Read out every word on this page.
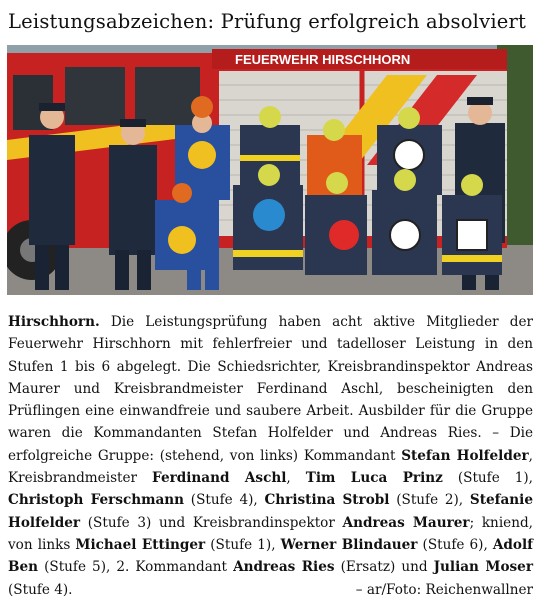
Leistungsabzeichen: Prüfung erfolgreich absolviert
FEUERWEHR HIRSCHHORN
Hirschhorn. Die Leistungsprüfung haben acht aktive Mitglieder der Feuerwehr Hirschhorn mit fehlerfreier und tadelloser Leistung in den Stufen 1 bis 6 abgelegt. Die Schiedsrichter, Kreisbrandinspektor Andreas Maurer und Kreisbrandmeister Ferdinand Aschl, bescheinigten den Prüflingen eine einwandfreie und saubere Arbeit. Ausbilder für die Gruppe waren die Kommandanten Stefan Holfelder und Andreas Ries. – Die erfolgreiche Gruppe: (stehend, von links) Kommandant Stefan Holfelder, Kreisbrandmeister Ferdinand Aschl, Tim Luca Prinz (Stufe 1), Christoph Ferschmann (Stufe 4), Christina Strobl (Stufe 2), Stefanie Holfelder (Stufe 3) und Kreisbrandinspektor Andreas Maurer; kniend, von links Michael Ettinger (Stufe 1), Werner Blindauer (Stufe 6), Adolf Ben (Stufe 5), 2. Kommandant Andreas Ries (Ersatz) und Julian Moser (Stufe 4).	– ar/Foto: Reichenwallner
